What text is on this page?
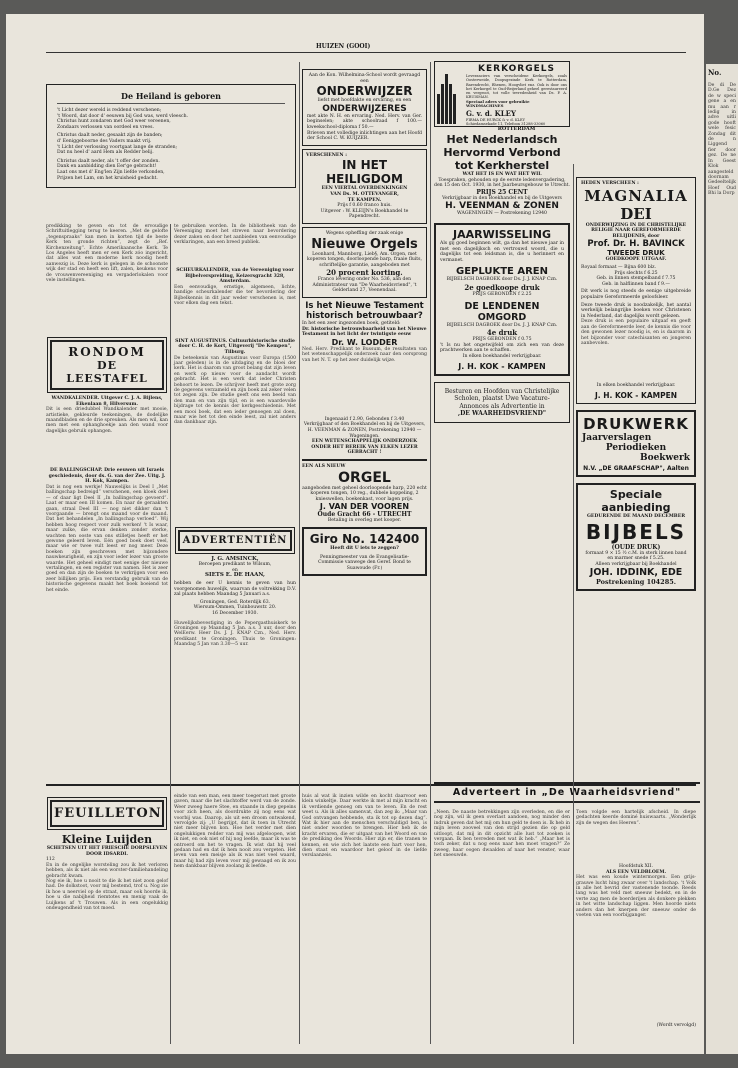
HUIZEN (GOOI)
De Heiland is geboren
't Licht dezer wereld is reddend verschenen;
't Woord, dat door d' eeuwen bij God was, werd vleesch.
Christus hunt zondaren met God weer vereenen,
Zondaars verlossen van oordeel en vrees.
Christus daalt neder, gesaakt zijn de banden;
d' Eeniggeboorne des Vaders maakt vrij.
't Licht der verlossing voortgaat lange de stranden;
Dat nu heel d' aard Hem als Redder belij.
Christus daalt neder, als 't offer der zonden.
Dank en aanbidding dien Eer'ge gebracht!
Laat ons met d' Eng'len Zijn liefde verkonden,
Prijzen het Lam, om het kruisheid gedacht.
predikking te geven en tot de ervoudige Schriftuitlegging terug te keeren. „Met de gelofte „tegenspraaks“ kan men in korten tijd de beste Kerk ten gronde richten“, zegt de „Ref. Kirchenzeitung“. Echte Amerikaansche Kerk. Te Los Angeles heeft men er een Kerk zóo ingericht, dat alles wat een moderne kerk noodig heeft aanwezig is. Deze kerk is gelegen in de schoonste wijk der stad en heeft een lift, zalen, keukens voor de vrouwenvereeniging en vergaderlokalen voor vele instellingen.
RONDOM
DE LEESTAFEL
WANDKALENDER. Uitgever C. J. A. Bijlens, Eikenlaan 8, Hilversum.
Dit is een driedubbel Wandkalender met mooie, artistieke, gekleurde teekeningen, de dodelijke maandbladen en de drie spreuken. Als men wil, kan men met een ophanghoekje aan den wand voor dagelijks gebruik ophangen.
DE BALLINGSCHAP. Drie eeuwen uit Israels geschiedenis, door ds. G. van der Zee. Uitg. J. H. Kok, Kampen.
Dat is nog een werkje! Nauwelijks is Deel I „Met ballingschap bedreigd“ verschenen, een kloek deel — of daar ligt Deel II „In ballingschap gevoerd“. Laat er maar een III komen. En naar de geraakten gaan, straal Deel III — nog niet dikker dan 't voorgaande — brengt ons maand voor de maand. Dat het behandelen „In ballingschap verloed“. Wij hebben hoog respect voor zulk werken! 't Is waar, maar zulke, die ervan denken zonder sterke, wachten ten ooste van ons stilletjes heeft er het gewone geleerd leven. Eén goed boek doet veel, maar wie er twee vult leest er nog meer. Deze boeken zijn geschreven met bijzondere nauwkeurigheid, en zijn voor ieder lezer van groote waarde. Het geheel eindigt met eenige der nieuwe vertalingen, en een register van namen. Het is zeer goed en dan zijn de boeken te verkrijgen voor een zeer billijken prijs. Een verstandig gebruik van de historische gegevens maakt het boek boeiend tot het einde.
te gebruiken worden. In de bibliotheek van de Vereeniging moet het streven naar bevordering dezer zaken en door het aanbieden van eenvoudige verklaringen, aan een breed publiek.
SCHEURKALENDER, van de Vereeniging voor Bijbelverspreiding, Keizersgracht 328, Amsterdam.
Een eenvoudige, ernstige, algemeen, lichte, handige scheurkalender die ter bevordering der Bijbelkennis in dit jaar weder verschenen is, met voor elken dag een tekst.
SINT AUGUSTINUS. Cultuurhistorische studie door C. H. de Kort, Uitgeverij "De Kempen", Tilburg.
De beteekenis van Augustinus voor Europa (1500 jaar geleden) is in de uitdaging en de bloei der kerk. Het is daarom van groot belang dat zijn leven en werk op nieuw voor de aandacht wordt gebracht. Het is een werk dat ieder Christen behoort te lezen. De schrijver heeft met grote zorg de gegevens verzameld en zijn boek zal zeker velen tot zegen zijn. De studie geeft ons een beeld van den man en van zijn tijd, en is een waardevolle bijdrage tot de kennis der kerkgeschiedenis. Met een mooi boek, dat een ieder genoegen zal doen, maar wie het tot den einde leest, zal niet anders dan dankbaar zijn.
ADVERTENTIËN
J. G. AMSINCK,
Beroepen predikant te Wilsum,
en
SIETS E. DE HAAN,
hebben de eer U kennis te geven van hun voorgenomen huwelijk, waarvan de voltrekking D.V. zal plaats hebben Maandag 5 Januari a.s.
Groningen, Ged. Roterdijk 63.
Wiersum-Ommen, Tuinbouwstr. 20.
16 December 1930.
Huwelijksbevestiging in de Pepergasthuiskerk te Groningen op Maandag 5 Jan. a.s. 3 uur, door den WelEerw. Heer Ds. J. J. KNAP Czn., Ned. Herv. predikant te Groningen. Thuis te Groningen: Maandag 5 Jan van 3.30—5 uur.
Aan de Kon. Wilhelmina-School wordt gevraagd een
ONDERWIJZER
liefst met hoofdakte en ervaring, en een
ONDERWIJZERES
met akte N. H. en ervaring. Ned. Herv. van Ger. beginselen; akte schoolraad f 100.— kweekschool-diploma f 50.—
Brieven met volledige inlichtingen aan het Hoofd der School C. W. KUIJZER.
VERSCHENEN :
IN HET HEILIGDOM
EEN VIERTAL OVERDENKINGEN
VAN Ds. M. OTTEVANGER,
TE KAMPEN.
Prijs f 0.60 franco huis.
Uitgever : W. KLEIJN's Boekhandel te Papendrecht.
Wegens opheffing der zaak enige
Nieuwe Orgels
Leonhard, Mannborg, Lieb§, Am. Orgen, met koperen tongen, doorloopende barp, fraaie fluits, schriftelijke garantie, aangeboden met
20 procent korting.
Franco levering onder No. 536, aan den Administrateur van "De Waarheidsvriend", 't Gelderland 27, Veenendaal.
Is het Nieuwe Testament historisch betrouwbaar?
In het een zeer ingezonden boek, getiteld:
Dr. historische betrouwbaarheid van het Nieuwe Testament in het licht der twintigste eeuw
Dr. W. LODDER
Ned. Herv. Predikant te Bussum, de resultaten van het wetenschappelijk onderzoek naar den oorsprong van het N. T. op het zeer duidelijk wijze.
Ingenaaid f 2.90, Gebonden f 3.40
Verkrijgbaar of den Boekhandel en bij de Uitgevers, H. VEENMAN & ZONEN, Postrekening 12940 — Wageningen.
EEN WETENSCHAPPELIJK ONDERZOEK ONDER HET BEREIK VAN ELKEN LEZER GEBRACHT !
EEN ALS NIEUW
ORGEL
aangeboden met geheel doorloopende harp, 220 echt koperen tongen, 10 reg., dubbele koppeling, 2 knieswellen, boekenkast, voor lagen prijs.
J. VAN DER VOOREN
Oude Gracht 66 - UTRECHT
Betaling in overleg met kooper.
Giro No. 142400
Heeft dit U iets te zeggen?
Penningmeester van de Evangelisatie-Commissie vanwege den Geref. Bond te Suawoude (Fr.)
KERKORGELS
Leveranciers van verscheidene Kerkorgels, zoals Oosterweide, Doopsgezinde Kerk te Rotterdam, Barendrecht, Rhenen, Hoogvliet enz. Ook is door ons het Kerkorgel te Oud-Beijerland geheel gerestaureerd en vergroot, tot volle tevredenheid van Ds. P. A. KRUISMAN.
Speciaal adres voor gebruikte WINDMACHINES
G. v. d. KLEY
FIRMA DE HURCK & v. d. KLEY
Schiedamsekade 11, Telefoon 31288-33060
ROTTERDAM
Het Nederlandsch
Hervormd Verbond
tot Kerkherstel
WAT HET IS EN WAT HET WIL
Toespraken, gehouden op de eerste ledenvergadering, den 15 den Oct. 1930, in het Jaarbeursgebouw te Utrecht.
PRIJS 25 CENT
Verkrijgbaar in den Boekhandel en bij de Uitgevers
H. VEENMAN & ZONEN
WAGENINGEN — Postrekening 12940
JAARWISSELING
Als gij goed beginnen wilt, ga dan het nieuwe jaar in met een dagelijksch en vertrouwd woord, die u dagelijks tot een leidsman is, die u herinnert en vermanet.
GEPLUKTE AREN
BIJBELSCH DAGBOEK door Ds. J. J. KNAP Czn.
2e goedkoope druk
PRIJS GEBONDEN f 2.25
DE LENDENEN OMGORD
BIJBELSCH DAGBOEK door Ds. J. J. KNAP Czn.
4e druk
PRIJS GEBONDEN f 0.75
't Is nu het ongetwijfeld om zich een van deze prachtwerken aan te schaffen.
In elken boekhandel verkrijgbaar.
J. H. KOK - KAMPEN
Besturen en Hoofden van Christelijke Scholen, plaatst Uwe Vacature-Annonces als Advertentie in
,DE WAARHEIDSVRIEND"
HEDEN VERSCHEEN :
MAGNALIA
DEI
ONDERWIJZING IN DE CHRISTELIJKE RELIGIE NAAR GEREFORMEERDE BELIJDENIS, door
Prof. Dr. H. BAVINCK
TWEEDE DRUK
GOEDKOOPE UITGAAF.
Royaal formaat — Bijna 600 blz.
Prijs slechts f 6.25
Geb. in linnen stempelband f 7.75
Geb. in halflinnen band f 9.—
Dit werk is nog steeds de eenige uitgebreide populaire Gereformeerde geloofsleer.
Deze tweede druk is noodzakelijk, het aantal werkelijk belangrijke boeken voor Christenen in Nederland, dat dagelijks wordt gelezen.
Deze druk is een populaire uitgaaf en geeft aan de Gereformeerde leer, de kennis die voor den gewonen lezer noodig is, en is daarom in het bijzonder voor catechisanten en jongeren aanbevolen.
In elken boekhandel verkrijgbaar.
J. H. KOK - KAMPEN
DRUKWERK
Jaarverslagen
Periodieken
Boekwerk
N.V. „DE GRAAFSCHAP", Aalten
Speciale aanbieding
GEDURENDE DE MAAND DECEMBER
BIJBELS
(OUDE DRUK)
formaat 9 × 15 ½ c.M. in sterk linnen band en marmer snede f 5.25.
Alleen verkrijgbaar bij Boekhandel
JOH. IDDINK, EDE
Postrekening 104285.
FEUILLETON
Kleine Luijden
SCHETSEN UIT HET FRIESCHE DORPSLEVEN DOOR IDSARDI.
112
En in de ongelijke worsteling zou ik het verloren hebben, als ik niet als een worster-familiehandeling gebracht kwam.
Nog eie ik, hoe u nooit te die ik het niet zoon gelof had. De dolkstoot, voor mij bestemd, trof u. Nog zie ik hoe u neerviel op de straat, maar ook hoorde ik, hoe u die nabijheid riemtotes en menig vaak de Luijkens af 't Trouwen. Als in een ongelukkig ondeugendheid van tot moed.
einde van een man, een meer toegerust met groote gaven, maar die het slachtoffer werd van de zonde. Weer zweeg haere Stee, en staande in diep gepeins voor zich heen, als doordrukte zij nog eens wat voorbij was. Daarop, als uit een droom ontwakend, vervolgde zij: „U begrijpt, dat ik toen in Utrecht niet meer blijven kon. Hoe het verder met dien ongelukkigen redder van mij was afgeloopen, wist ik niet, en ook niet of hij nog leefde, maar ik was te ontroerd om het te vragen. Ik wist dat hij veel gedaan had en dat ik hem nooit zou vergeten. Het leven van een meisje als ik was niet veel waard, maar hij had zijn leven voor mij gewaagd en ik zou hem dankbaar blijven zoolang ik leefde.
huis al wat ik inzien wilde en kocht daarvoor een klein winkeltje. Daar werkte ik met al mijn kracht en ik verdiende genoeg om van te leven. En de rest weet u. Als ik alles samenvat, dan zeg ik: „Maar van God ontvangen hebbende, sta ik tot op dezen dag“. Wat ik hier aan de menschen verschuldigd ben, is niet onder woorden te brengen. Hier heb ik de kracht ervaren, die er uitgaat van het Woord en van de prediking des Woords. Hier zijn er, die tranen te kennen, en wie zich het laatste een hart voor hen, dien staat en waardoor het geloof in de liefde verslaanzeis.
Adverteert in „De Waarheidsvriend"
„Neen. De naaste betrekkingen zijn overleden, en die er nog zijn, wil ik geen overlast aandoen, nog minder den indruk geven dat het mij om hun geld te doen is. Ik heb in mijn leven zooveel van den strijd gezien die op geld uitloopt, dat mij in dit opzicht alle lust tot zoeken is vergaan. Ik ben tevreden met wat ik heb.“ „Maar het is toch zeker, dat u nog eens naar hen moet vragen?“ Ze zweeg, haar oogen dwaalden af naar het venster, waar het sneeuwde.
Toen volgde een hartelijk afscheid. In diepe gedachten keerde dominé huiswaarts. „Wonderlijk zijn de wegen des Heeren“.
Hoofdstuk XII.
ALS EEN VELDBLOEM.
Het was een koude wintermorgen. Een grijs-grauwe lucht hing zwaar over 't landschap. 't Volk in alle het bevrid der vastenende toonde. Reeds lang was het veld met sneeuw bedekt, en in de verte zag men de boerderijen als donkere plekken in het witte landschap liggen. Men hoorde niets anders dan het knerpen der sneeuw onder de voeten van een voorbijganger.
(Wordt vervolgd)
No.
De di De D.Ge Dez de w speci gene a en mu aan r ledig in adve uitli gode hooft wele fesic Zondag dit de n Liggend fier door gez. De ne In Geest Klok aangesteld doornam Gedeeltelijk Hoef Oud Bhi la Dorp
